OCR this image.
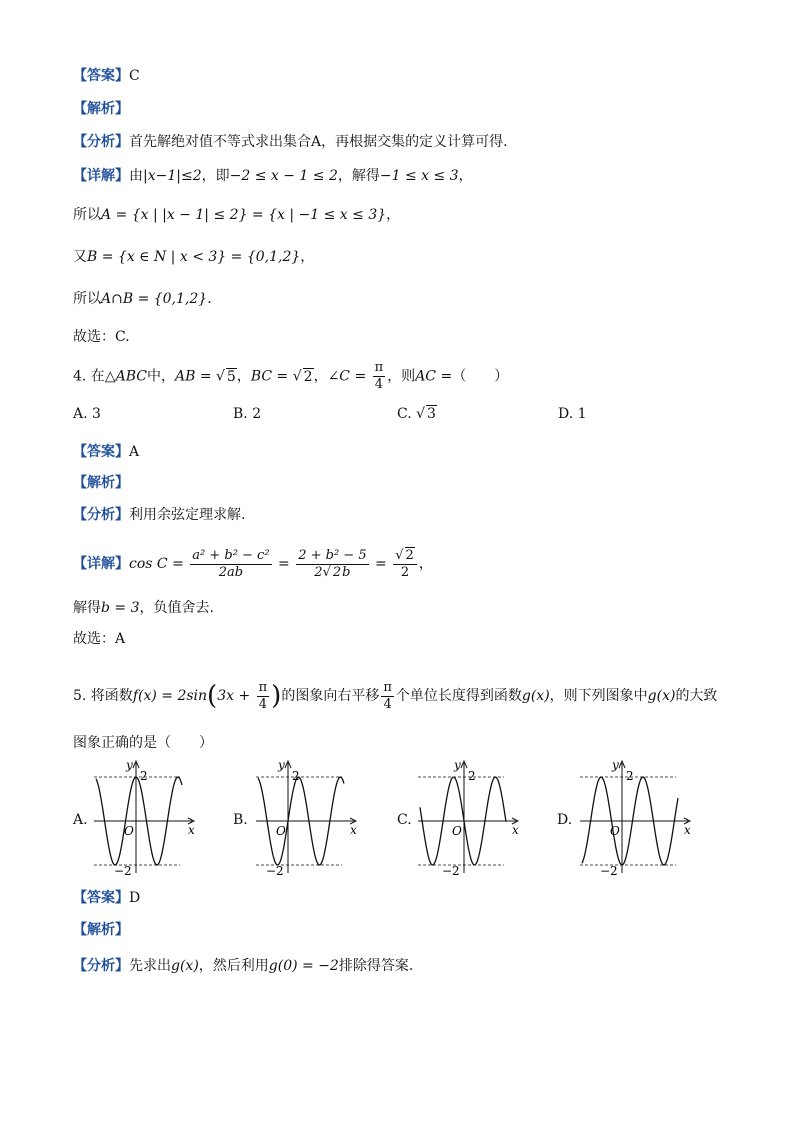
【答案】C
【解析】
【分析】首先解绝对值不等式求出集合A，再根据交集的定义计算可得.
【详解】由|x−1|≤2，即−2 ≤ x − 1 ≤ 2，解得−1 ≤ x ≤ 3，
所以A = {x | |x − 1| ≤ 2} = {x | −1 ≤ x ≤ 3}，
又B = {x ∈ N | x < 3} = {0,1,2}，
所以A∩B = {0,1,2}.
故选：C.
4. 在△ABC中，AB = √ 5，BC = √ 2，∠C = $\frac{\pi}{4}$ ，则AC =（　　）
A. 3	B. 2	C. √ 3	D. 1
【答案】A
【解析】
【分析】利用余弦定理求解.
【详解】$\cos C = \frac{\text{a² + b² − c²}}{2ab} = \frac{\text{2 + b² − 5}}{2√ 2b} = \frac{√ 2}{2}$ ，
解得b = 3，负值舍去.
故选：A
5. 将函数$f(x) = 2\sin(3x + \frac{\pi}{4}$ )的图象向右平移 $\frac{\pi}{4}$ 个单位长度得到函数g(x)，则下列图象中g(x)的大致
图象正确的是（　　）
A.	B.	C.	D.
y
x
O
2
−2
y
x
O
2
−2
y
x
O
2
−2
y
x
O
2
−2
【答案】D
【解析】
【分析】先求出g(x)，然后利用g(0) = −2排除得答案.
